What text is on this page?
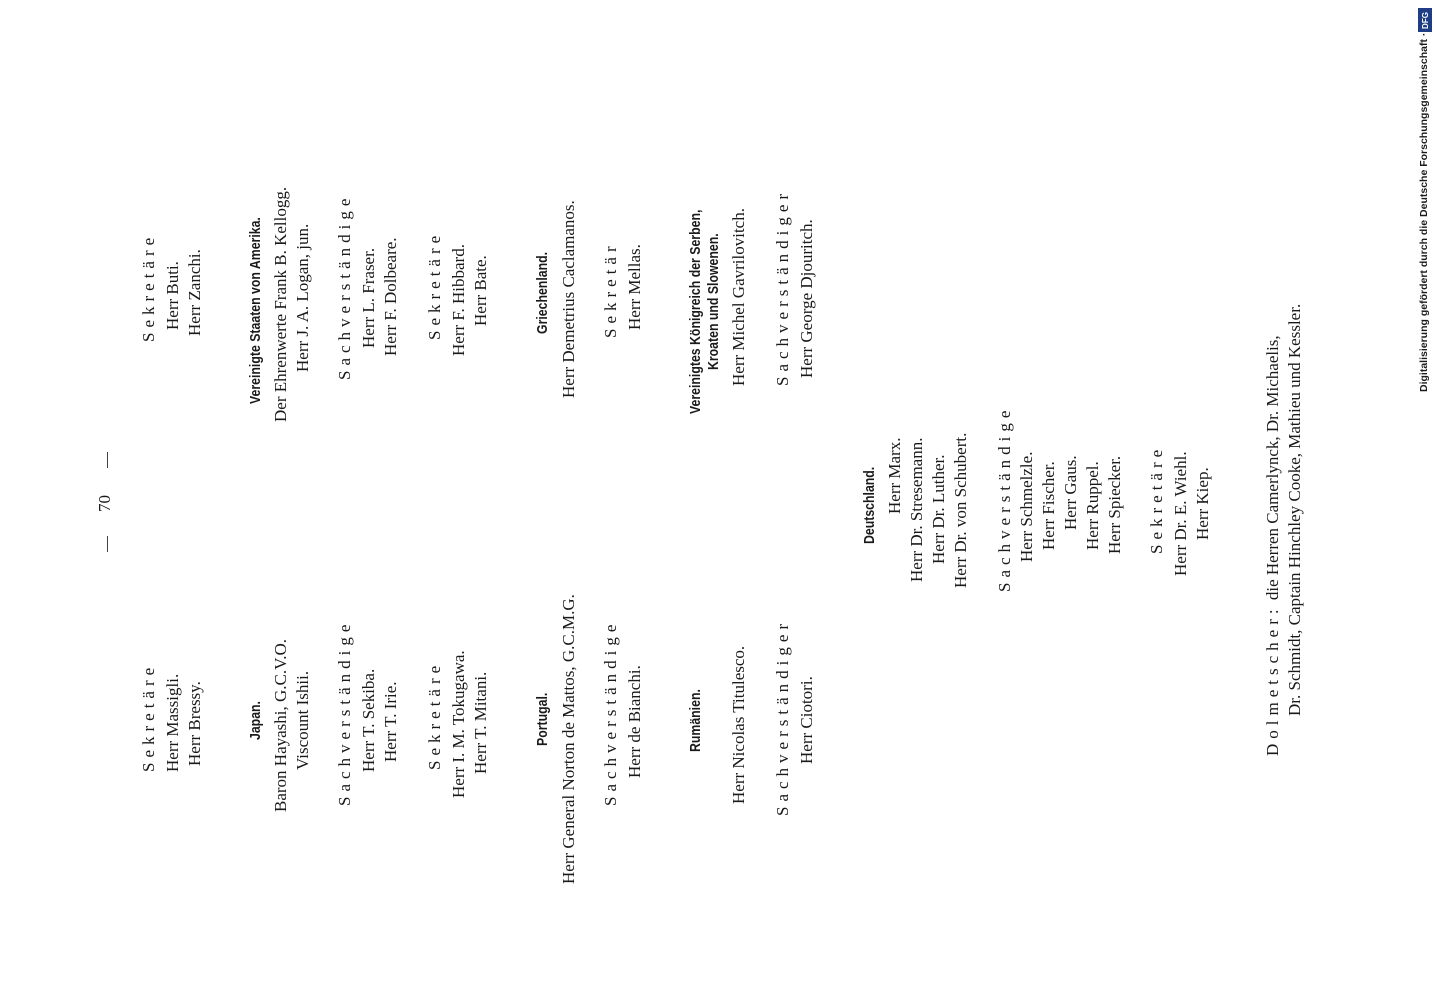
70
Sekretäre Herr Massigli. Herr Bressy.	Japan. Baron Hayashi, G.C.V.O. Viscount Ishii. Sachverständige Herr T. Sekiba. Herr T. Irie. Sekretäre Herr I. M. Tokugawa. Herr T. Mitani.	Portugal. Herr General Norton de Mattos, G.C.M.G. Sachverständige Herr de Bianchi.	Rumänien. Herr Nicolas Titulesco. Sachverständiger Herr Ciotori.
Sekretäre Herr Buti. Herr Zanchi.	Vereinigte Staaten von Amerika. Der Ehrenwerte Frank B. Kellogg. Herr J. A. Logan, jun. Sachverständige Herr L. Fraser. Herr F. Dolbeare. Sekretäre Herr F. Hibbard. Herr Bate.	Griechenland. Herr Demetrius Caclamanos. Sekretär Herr Mellas.	Vereinigtes Königreich der Serben, Kroaten und Slowenen. Herr Michel Gavrilovitch. Sachverständiger Herr George Djouritch.
Deutschland. Herr Marx. Herr Dr. Stresemann. Herr Dr. Luther. Herr Dr. von Schubert. Sachverständige Herr Schmelzle. Herr Fischer. Herr Gaus. Herr Ruppel. Herr Spiecker. Sekretäre Herr Dr. E. Wiehl. Herr Kiep.
Dolmetscher: die Herren Camerlynck, Dr. Michaelis, Dr. Schmidt, Captain Hinchley Cooke, Mathieu und Kessler.
Digitalisierung gefördert durch die Deutsche Forschungsgemeinschaft ·
DFG
